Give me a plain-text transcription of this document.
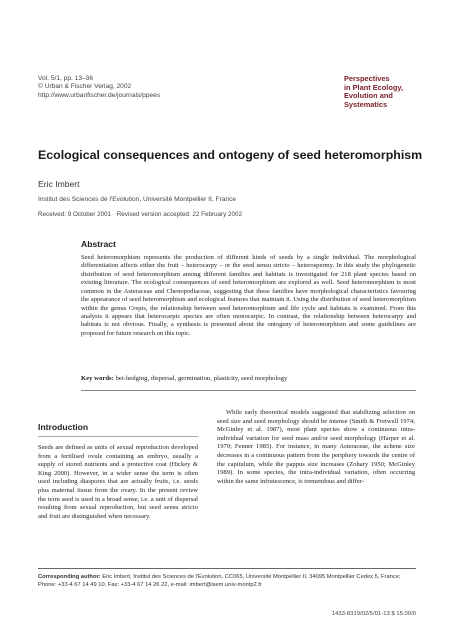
Vol. 5/1, pp. 13–36
© Urban & Fischer Verlag, 2002
http://www.urbanfischer.de/journals/ppees
Perspectives
in Plant Ecology,
Evolution and
Systematics
Ecological consequences and ontogeny of seed heteromorphism
Eric Imbert
Institut des Sciences de l'Evolution, Université Montpellier II, France
Received: 9 October 2001 · Revised version accepted: 22 February 2002
Abstract
Seed heteromorphism represents the production of different kinds of seeds by a single individual. The morphological differentiation affects either the fruit – heterocarpy – or the seed sensu stricto – heterospermy. In this study the phylogenetic distribution of seed heteromorphism among different families and habitats is investigated for 218 plant species based on existing literature. The ecological consequences of seed heteromorphism are explored as well. Seed heteromorphism is most common in the Asteraceae and Chenopodiaceae, suggesting that these families have morphological characteristics favouring the appearance of seed heteromorphism and ecological features that maintain it. Using the distribution of seed heteromorphism within the genus Crepis, the relationship between seed heteromorphism and life cycle and habitats is examined. From this analysis it appears that heterocarpic species are often monocarpic. In contrast, the relationship between heterocarpy and habitats is not obvious. Finally, a synthesis is presented about the ontogeny of heteromorphism and some guidelines are proposed for future research on this topic.
Key words: bet-hedging, dispersal, germination, plasticity, seed morphology
Introduction

Seeds are defined as units of sexual reproduction developed from a fertilised ovule containing an embryo, usually a supply of stored nutrients and a protective coat (Hickey & King 2000). However, in a wider sense the term is often used including diaspores that are actually fruits, i.e. seeds plus maternal tissue from the ovary. In the present review the term seed is used in a broad sense, i.e. a unit of dispersal resulting from sexual reproduction, but seed sensu stricto and fruit are distinguished when necessary.

While early theoretical models suggested that stabilizing selection on seed size and seed morphology should be intense (Smith & Fretwell 1974; McGinley et al. 1987), most plant species show a continuous intra-individual variation for seed mass and/or seed morphology (Harper et al. 1970; Fenner 1985). For instance, in many Asteraceae, the achene size decreases in a continuous pattern from the periphery towards the centre of the capitulum, while the pappus size increases (Zohary 1950; McGinley 1989). In some species, the intra-individual variation, often occurring within the same infrutescence, is tremendous and differ-

Corresponding author: Eric Imbert, Institut des Sciences de l'Evolution, CC065, Université Montpellier II, 34095 Montpellier Cedex 5, France; Phone: +33-4 67 14 49 10, Fax: +33-4 67 14 26 22, e-mail: imbert@isem.univ-montp2.fr
1433-8319/02/5/01-13 $ 15.00/0
